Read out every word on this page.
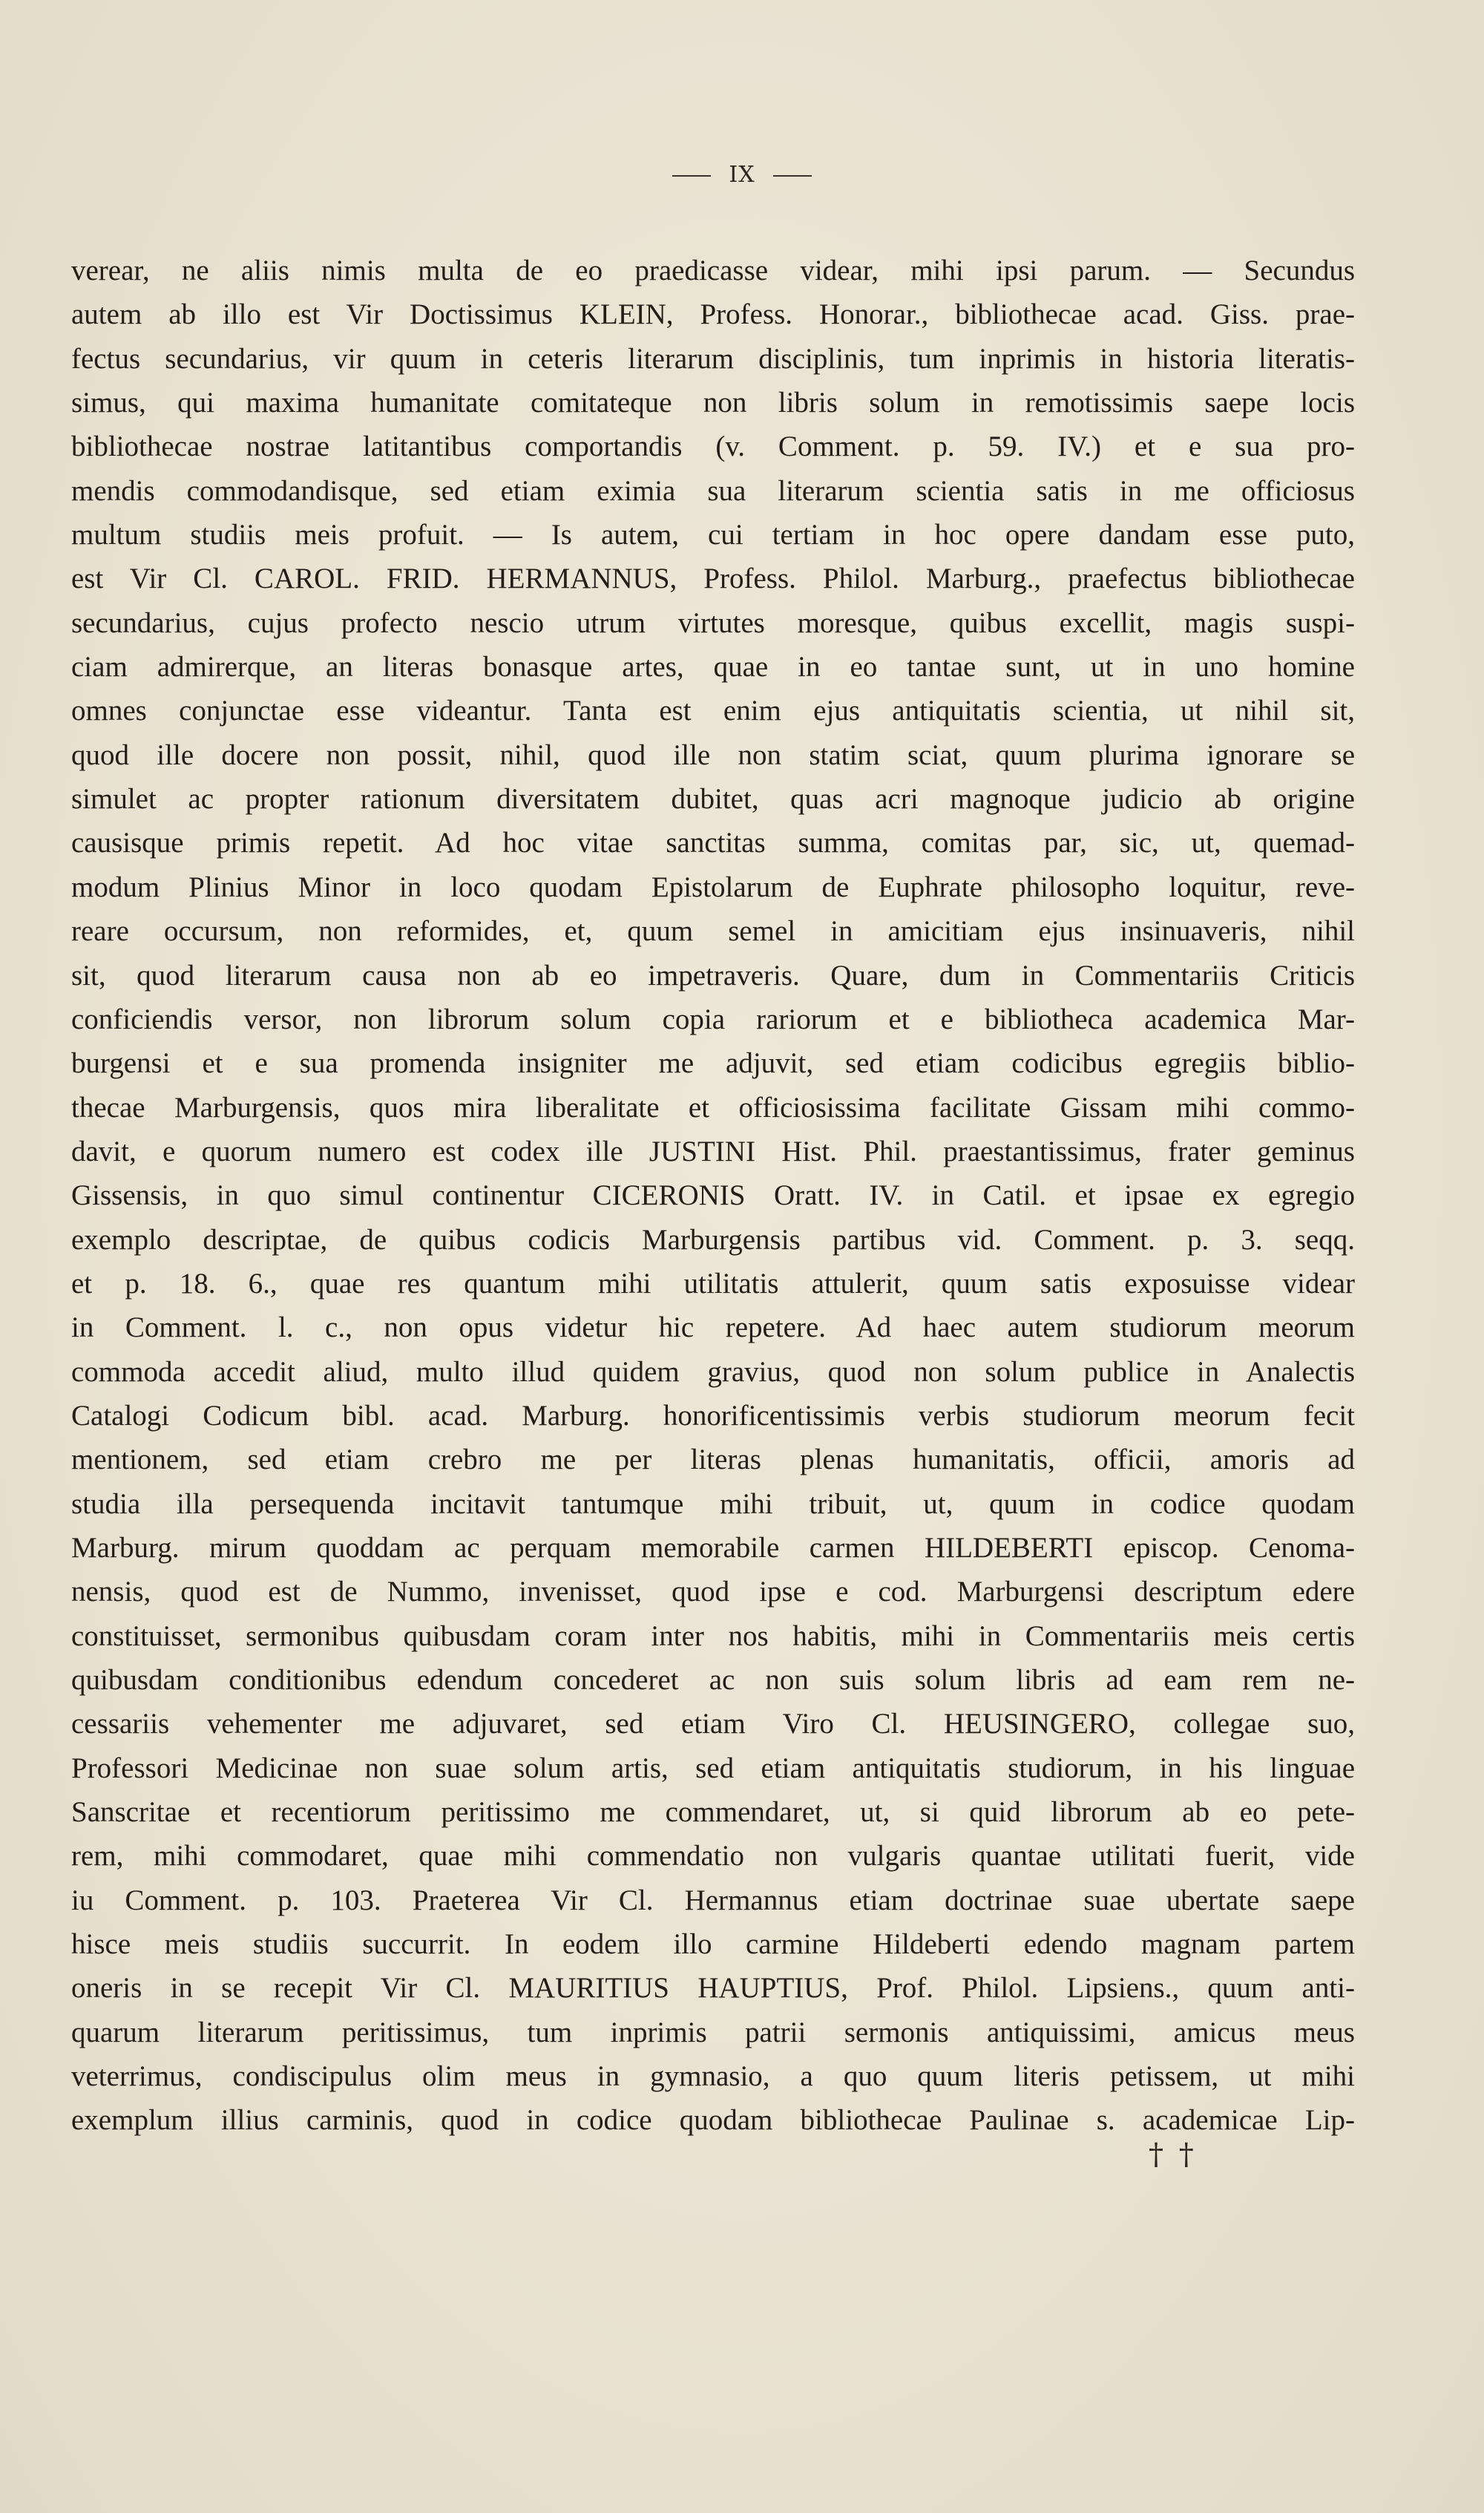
IX
verear, ne aliis nimis multa de eo praedicasse videar, mihi ipsi parum. — Secundus
autem ab illo est Vir Doctissimus KLEIN, Profess. Honorar., bibliothecae acad. Giss. prae-
fectus secundarius, vir quum in ceteris literarum disciplinis, tum inprimis in historia literatis-
simus, qui maxima humanitate comitateque non libris solum in remotissimis saepe locis
bibliothecae nostrae latitantibus comportandis (v. Comment. p. 59. IV.) et e sua pro-
mendis commodandisque, sed etiam eximia sua literarum scientia satis in me officiosus
multum studiis meis profuit. — Is autem, cui tertiam in hoc opere dandam esse puto,
est Vir Cl. CAROL. FRID. HERMANNUS, Profess. Philol. Marburg., praefectus bibliothecae
secundarius, cujus profecto nescio utrum virtutes moresque, quibus excellit, magis suspi-
ciam admirerque, an literas bonasque artes, quae in eo tantae sunt, ut in uno homine
omnes conjunctae esse videantur. Tanta est enim ejus antiquitatis scientia, ut nihil sit,
quod ille docere non possit, nihil, quod ille non statim sciat, quum plurima ignorare se
simulet ac propter rationum diversitatem dubitet, quas acri magnoque judicio ab origine
causisque primis repetit. Ad hoc vitae sanctitas summa, comitas par, sic, ut, quemad-
modum Plinius Minor in loco quodam Epistolarum de Euphrate philosopho loquitur, reve-
reare occursum, non reformides, et, quum semel in amicitiam ejus insinuaveris, nihil
sit, quod literarum causa non ab eo impetraveris. Quare, dum in Commentariis Criticis
conficiendis versor, non librorum solum copia rariorum et e bibliotheca academica Mar-
burgensi et e sua promenda insigniter me adjuvit, sed etiam codicibus egregiis biblio-
thecae Marburgensis, quos mira liberalitate et officiosissima facilitate Gissam mihi commo-
davit, e quorum numero est codex ille JUSTINI Hist. Phil. praestantissimus, frater geminus
Gissensis, in quo simul continentur CICERONIS Oratt. IV. in Catil. et ipsae ex egregio
exemplo descriptae, de quibus codicis Marburgensis partibus vid. Comment. p. 3. seqq.
et p. 18. 6., quae res quantum mihi utilitatis attulerit, quum satis exposuisse videar
in Comment. l. c., non opus videtur hic repetere. Ad haec autem studiorum meorum
commoda accedit aliud, multo illud quidem gravius, quod non solum publice in Analectis
Catalogi Codicum bibl. acad. Marburg. honorificentissimis verbis studiorum meorum fecit
mentionem, sed etiam crebro me per literas plenas humanitatis, officii, amoris ad
studia illa persequenda incitavit tantumque mihi tribuit, ut, quum in codice quodam
Marburg. mirum quoddam ac perquam memorabile carmen HILDEBERTI episcop. Cenoma-
nensis, quod est de Nummo, invenisset, quod ipse e cod. Marburgensi descriptum edere
constituisset, sermonibus quibusdam coram inter nos habitis, mihi in Commentariis meis certis
quibusdam conditionibus edendum concederet ac non suis solum libris ad eam rem ne-
cessariis vehementer me adjuvaret, sed etiam Viro Cl. HEUSINGERO, collegae suo,
Professori Medicinae non suae solum artis, sed etiam antiquitatis studiorum, in his linguae
Sanscritae et recentiorum peritissimo me commendaret, ut, si quid librorum ab eo pete-
rem, mihi commodaret, quae mihi commendatio non vulgaris quantae utilitati fuerit, vide
iu Comment. p. 103. Praeterea Vir Cl. Hermannus etiam doctrinae suae ubertate saepe
hisce meis studiis succurrit. In eodem illo carmine Hildeberti edendo magnam partem
oneris in se recepit Vir Cl. MAURITIUS HAUPTIUS, Prof. Philol. Lipsiens., quum anti-
quarum literarum peritissimus, tum inprimis patrii sermonis antiquissimi, amicus meus
veterrimus, condiscipulus olim meus in gymnasio, a quo quum literis petissem, ut mihi
exemplum illius carminis, quod in codice quodam bibliothecae Paulinae s. academicae Lip-
† †
